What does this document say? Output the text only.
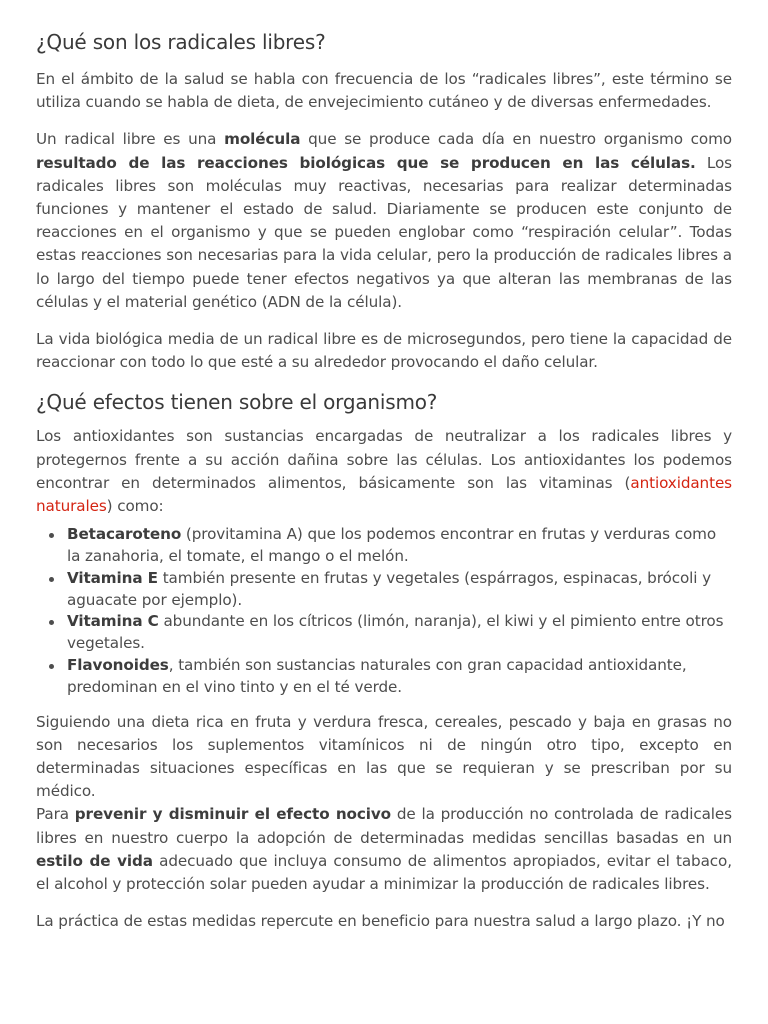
¿Qué son los radicales libres?

En el ámbito de la salud se habla con frecuencia de los “radicales libres”, este término se utiliza cuando se habla de dieta, de envejecimiento cutáneo y de diversas enfermedades.

Un radical libre es una molécula que se produce cada día en nuestro organismo como resultado de las reacciones biológicas que se producen en las células. Los radicales libres son moléculas muy reactivas, necesarias para realizar determinadas funciones y mantener el estado de salud. Diariamente se producen este conjunto de reacciones en el organismo y que se pueden englobar como “respiración celular”. Todas estas reacciones son necesarias para la vida celular, pero la producción de radicales libres a lo largo del tiempo puede tener efectos negativos ya que alteran las membranas de las células y el material genético (ADN de la célula).

La vida biológica media de un radical libre es de microsegundos, pero tiene la capacidad de reaccionar con todo lo que esté a su alrededor provocando el daño celular.

¿Qué efectos tienen sobre el organismo?

Los antioxidantes son sustancias encargadas de neutralizar a los radicales libres y protegernos frente a su acción dañina sobre las células. Los antioxidantes los podemos encontrar en determinados alimentos, básicamente son las vitaminas (antioxidantes naturales) como:

Betacaroteno (provitamina A) que los podemos encontrar en frutas y verduras como la zanahoria, el tomate, el mango o el melón.
Vitamina E también presente en frutas y vegetales (espárragos, espinacas, brócoli y aguacate por ejemplo).
Vitamina C abundante en los cítricos (limón, naranja), el kiwi y el pimiento entre otros vegetales.
Flavonoides, también son sustancias naturales con gran capacidad antioxidante, predominan en el vino tinto y en el té verde.

Siguiendo una dieta rica en fruta y verdura fresca, cereales, pescado y baja en grasas no son necesarios los suplementos vitamínicos ni de ningún otro tipo, excepto en determinadas situaciones específicas en las que se requieran y se prescriban por su médico.

Para prevenir y disminuir el efecto nocivo de la producción no controlada de radicales libres en nuestro cuerpo la adopción de determinadas medidas sencillas basadas en un estilo de vida adecuado que incluya consumo de alimentos apropiados, evitar el tabaco, el alcohol y protección solar pueden ayudar a minimizar la producción de radicales libres.

La práctica de estas medidas repercute en beneficio para nuestra salud a largo plazo. ¡Y no
